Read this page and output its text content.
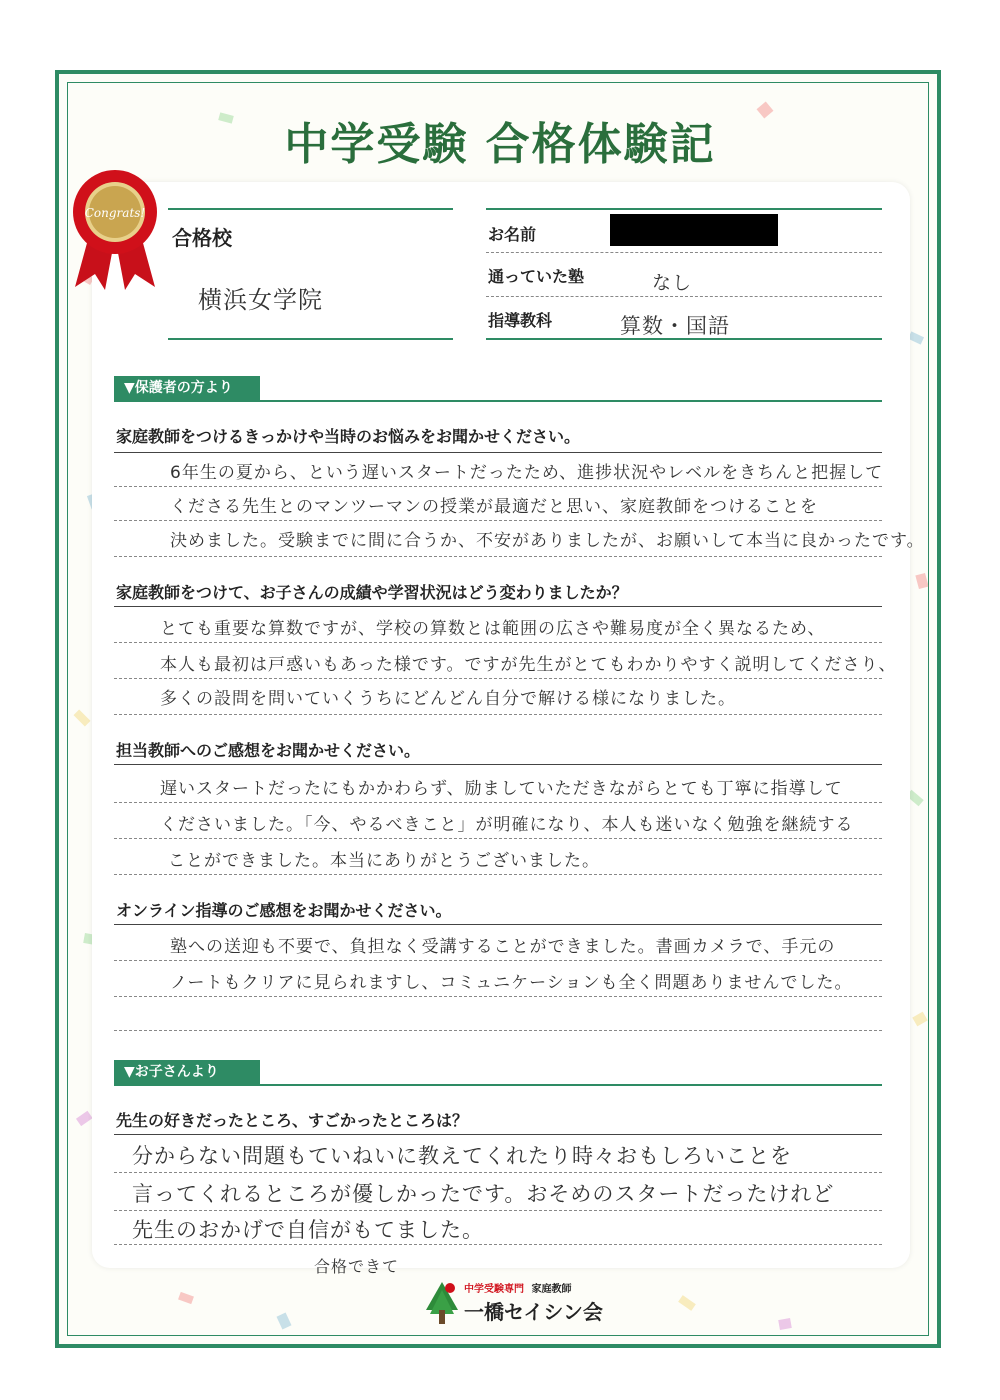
中学受験 合格体験記
Congrats!
合格校
横浜女学院
お名前
通っていた塾	なし
指導教科	算数・国語
▼保護者の方より
家庭教師をつけるきっかけや当時のお悩みをお聞かせください。
6年生の夏から、という遅いスタートだったため、進捗状況やレベルをきちんと把握して
くださる先生とのマンツーマンの授業が最適だと思い、家庭教師をつけることを
決めました。受験までに間に合うか、不安がありましたが、お願いして本当に良かったです。
家庭教師をつけて、お子さんの成績や学習状況はどう変わりましたか？
とても重要な算数ですが、学校の算数とは範囲の広さや難易度が全く異なるため、
本人も最初は戸惑いもあった様です。ですが先生がとてもわかりやすく説明してくださり、
多くの設問を問いていくうちにどんどん自分で解ける様になりました。
担当教師へのご感想をお聞かせください。
遅いスタートだったにもかかわらず、励ましていただきながらとても丁寧に指導して
くださいました。「今、やるべきこと」が明確になり、本人も迷いなく勉強を継続する
ことができました。本当にありがとうございました。
オンライン指導のご感想をお聞かせください。
塾への送迎も不要で、負担なく受講することができました。書画カメラで、手元の
ノートもクリアに見られますし、コミュニケーションも全く問題ありませんでした。
▼お子さんより
先生の好きだったところ、すごかったところは？
分からない問題もていねいに教えてくれたり時々おもしろいことを
言ってくれるところが優しかったです。おそめのスタートだったけれど
先生のおかげで自信がもてました。
合格できて
中学受験専門 家庭教師
一橋セイシン会
